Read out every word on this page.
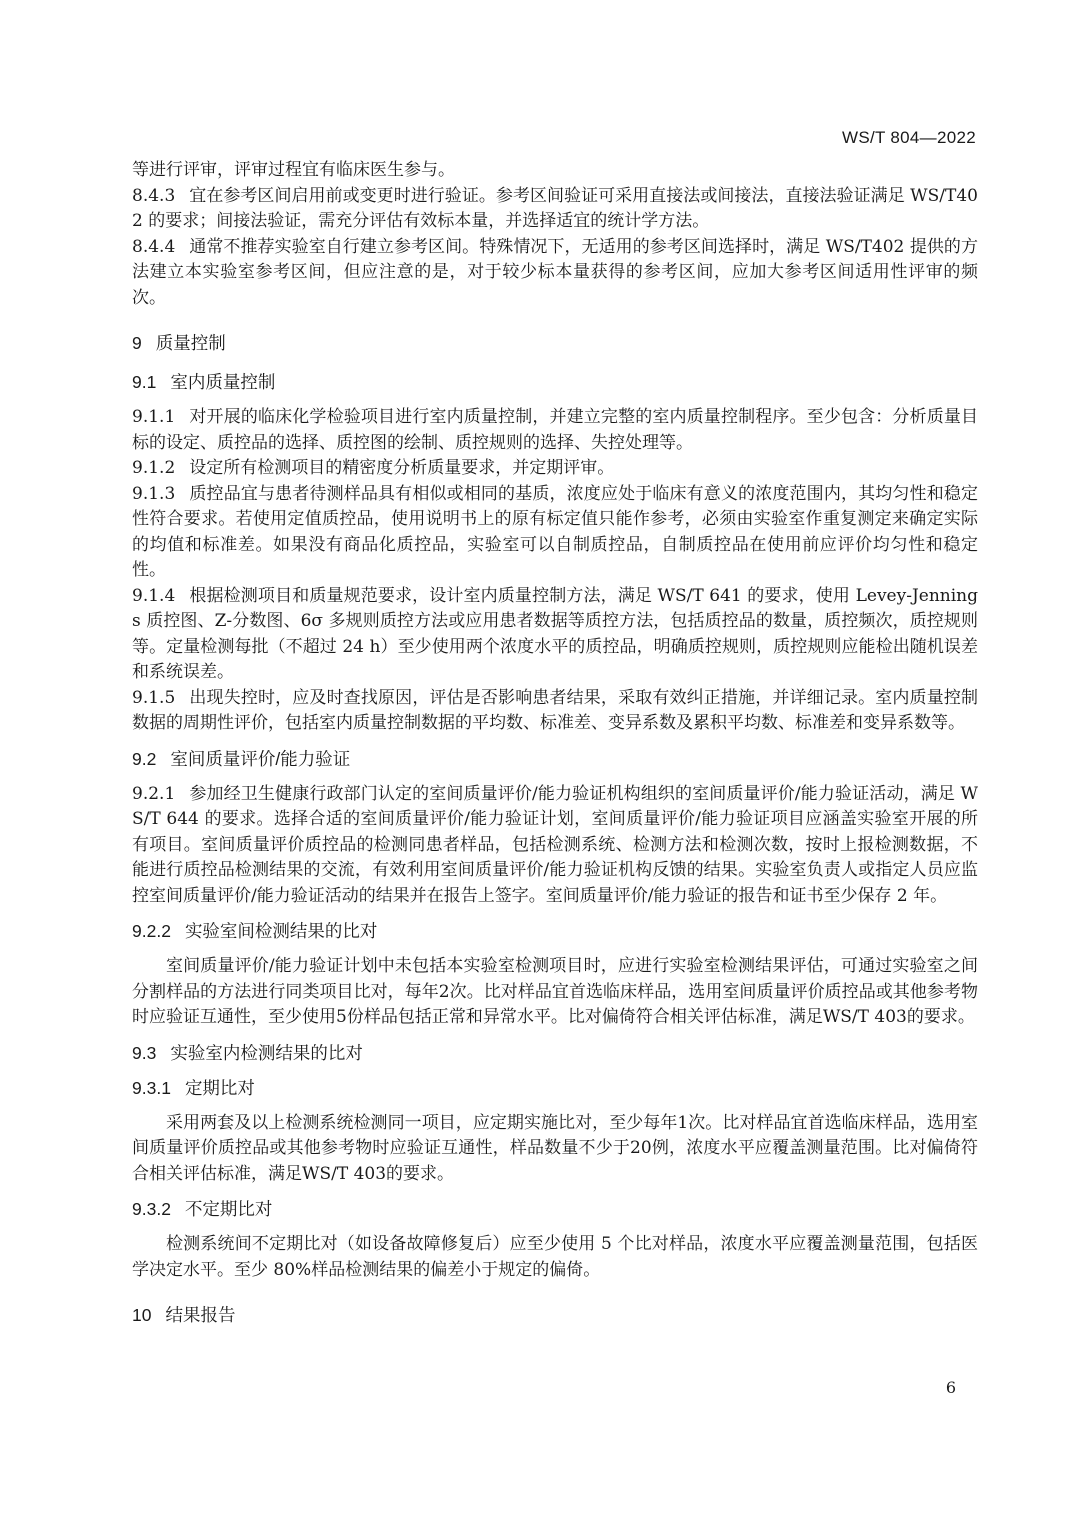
WS/T 804—2022

等进行评审，评审过程宜有临床医生参与。

8.4.3 宜在参考区间启用前或变更时进行验证。参考区间验证可采用直接法或间接法，直接法验证满足 WS/T402 的要求；间接法验证，需充分评估有效标本量，并选择适宜的统计学方法。

8.4.4 通常不推荐实验室自行建立参考区间。特殊情况下，无适用的参考区间选择时，满足 WS/T402 提供的方法建立本实验室参考区间，但应注意的是，对于较少标本量获得的参考区间，应加大参考区间适用性评审的频次。

9 质量控制
9.1 室内质量控制

9.1.1 对开展的临床化学检验项目进行室内质量控制，并建立完整的室内质量控制程序。至少包含：分析质量目标的设定、质控品的选择、质控图的绘制、质控规则的选择、失控处理等。

9.1.2 设定所有检测项目的精密度分析质量要求，并定期评审。

9.1.3 质控品宜与患者待测样品具有相似或相同的基质，浓度应处于临床有意义的浓度范围内，其均匀性和稳定性符合要求。若使用定值质控品，使用说明书上的原有标定值只能作参考，必须由实验室作重复测定来确定实际的均值和标准差。如果没有商品化质控品，实验室可以自制质控品，自制质控品在使用前应评价均匀性和稳定性。

9.1.4 根据检测项目和质量规范要求，设计室内质量控制方法，满足 WS/T 641 的要求，使用 Levey-Jennings 质控图、Z-分数图、6σ 多规则质控方法或应用患者数据等质控方法，包括质控品的数量，质控频次，质控规则等。定量检测每批（不超过 24 h）至少使用两个浓度水平的质控品，明确质控规则，质控规则应能检出随机误差和系统误差。

9.1.5 出现失控时，应及时查找原因，评估是否影响患者结果，采取有效纠正措施，并详细记录。室内质量控制数据的周期性评价，包括室内质量控制数据的平均数、标准差、变异系数及累积平均数、标准差和变异系数等。

9.2 室间质量评价/能力验证

9.2.1 参加经卫生健康行政部门认定的室间质量评价/能力验证机构组织的室间质量评价/能力验证活动，满足 WS/T 644 的要求。选择合适的室间质量评价/能力验证计划，室间质量评价/能力验证项目应涵盖实验室开展的所有项目。室间质量评价质控品的检测同患者样品，包括检测系统、检测方法和检测次数，按时上报检测数据，不能进行质控品检测结果的交流，有效利用室间质量评价/能力验证机构反馈的结果。实验室负责人或指定人员应监控室间质量评价/能力验证活动的结果并在报告上签字。室间质量评价/能力验证的报告和证书至少保存 2 年。

9.2.2 实验室间检测结果的比对

室间质量评价/能力验证计划中未包括本实验室检测项目时，应进行实验室检测结果评估，可通过实验室之间分割样品的方法进行同类项目比对，每年2次。比对样品宜首选临床样品，选用室间质量评价质控品或其他参考物时应验证互通性，至少使用5份样品包括正常和异常水平。比对偏倚符合相关评估标准，满足WS/T 403的要求。

9.3 实验室内检测结果的比对
9.3.1 定期比对

采用两套及以上检测系统检测同一项目，应定期实施比对，至少每年1次。比对样品宜首选临床样品，选用室间质量评价质控品或其他参考物时应验证互通性，样品数量不少于20例，浓度水平应覆盖测量范围。比对偏倚符合相关评估标准，满足WS/T 403的要求。

9.3.2 不定期比对

检测系统间不定期比对（如设备故障修复后）应至少使用 5 个比对样品，浓度水平应覆盖测量范围，包括医学决定水平。至少 80%样品检测结果的偏差小于规定的偏倚。

10 结果报告
6
